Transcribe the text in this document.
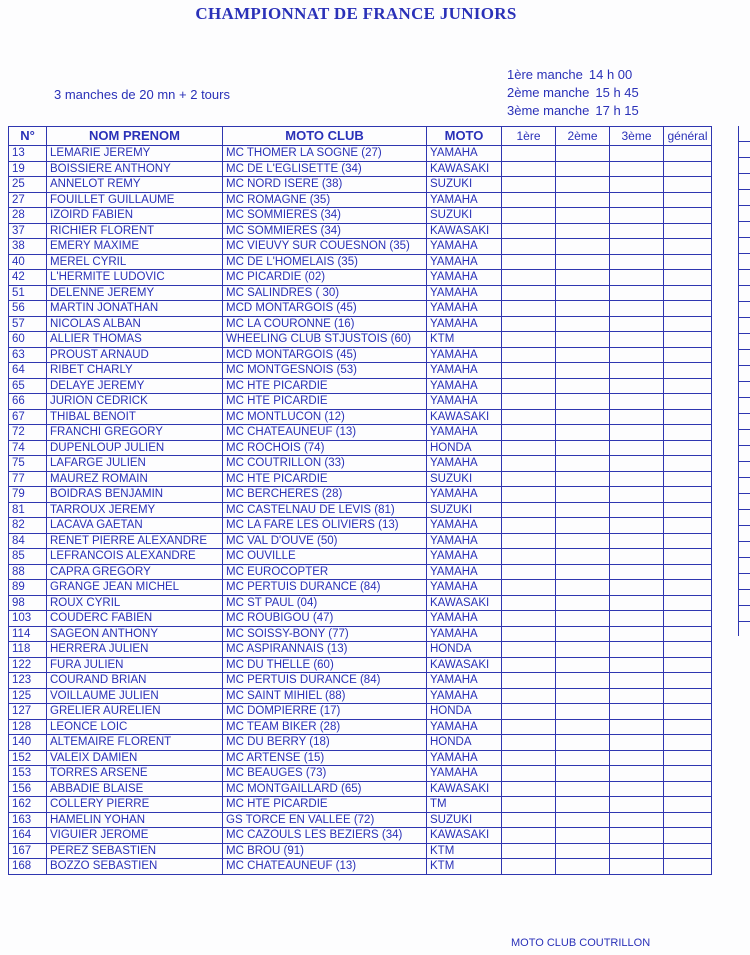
CHAMPIONNAT DE FRANCE JUNIORS
3 manches de 20 mn + 2 tours
1ère manche 14 h 00
2ème manche 15 h 45
3ème manche 17 h 15
N°	NOM PRENOM	MOTO CLUB	MOTO	1ère	2ème	3ème	général
13	LEMARIE JEREMY	MC THOMER LA SOGNE (27)	YAMAHA				
19	BOISSIERE ANTHONY	MC DE L'EGLISETTE (34)	KAWASAKI				
25	ANNELOT REMY	MC NORD ISERE (38)	SUZUKI				
27	FOUILLET GUILLAUME	MC ROMAGNE (35)	YAMAHA				
28	IZOIRD FABIEN	MC SOMMIERES (34)	SUZUKI				
37	RICHIER FLORENT	MC SOMMIERES (34)	KAWASAKI				
38	EMERY MAXIME	MC VIEUVY SUR COUESNON (35)	YAMAHA				
40	MEREL CYRIL	MC DE L'HOMELAIS (35)	YAMAHA				
42	L'HERMITE LUDOVIC	MC PICARDIE (02)	YAMAHA				
51	DELENNE JEREMY	MC SALINDRES ( 30)	YAMAHA				
56	MARTIN JONATHAN	MCD MONTARGOIS (45)	YAMAHA				
57	NICOLAS ALBAN	MC LA COURONNE (16)	YAMAHA				
60	ALLIER THOMAS	WHEELING CLUB STJUSTOIS (60)	KTM				
63	PROUST ARNAUD	MCD MONTARGOIS (45)	YAMAHA				
64	RIBET CHARLY	MC MONTGESNOIS (53)	YAMAHA				
65	DELAYE JEREMY	MC HTE PICARDIE	YAMAHA				
66	JURION CEDRICK	MC HTE PICARDIE	YAMAHA				
67	THIBAL BENOIT	MC MONTLUCON (12)	KAWASAKI				
72	FRANCHI GREGORY	MC CHATEAUNEUF (13)	YAMAHA				
74	DUPENLOUP JULIEN	MC ROCHOIS (74)	HONDA				
75	LAFARGE JULIEN	MC COUTRILLON (33)	YAMAHA				
77	MAUREZ ROMAIN	MC HTE PICARDIE	SUZUKI				
79	BOIDRAS BENJAMIN	MC BERCHERES (28)	YAMAHA				
81	TARROUX JEREMY	MC CASTELNAU DE LEVIS (81)	SUZUKI				
82	LACAVA GAETAN	MC LA FARE LES OLIVIERS (13)	YAMAHA				
84	RENET PIERRE ALEXANDRE	MC VAL D'OUVE (50)	YAMAHA				
85	LEFRANCOIS ALEXANDRE	MC OUVILLE	YAMAHA				
88	CAPRA GREGORY	MC EUROCOPTER	YAMAHA				
89	GRANGE JEAN MICHEL	MC PERTUIS DURANCE (84)	YAMAHA				
98	ROUX CYRIL	MC ST PAUL (04)	KAWASAKI				
103	COUDERC FABIEN	MC ROUBIGOU (47)	YAMAHA				
114	SAGEON ANTHONY	MC SOISSY-BONY (77)	YAMAHA				
118	HERRERA JULIEN	MC ASPIRANNAIS (13)	HONDA				
122	FURA JULIEN	MC DU THELLE (60)	KAWASAKI				
123	COURAND BRIAN	MC PERTUIS DURANCE (84)	YAMAHA				
125	VOILLAUME JULIEN	MC SAINT MIHIEL (88)	YAMAHA				
127	GRELIER AURELIEN	MC DOMPIERRE (17)	HONDA				
128	LEONCE LOIC	MC TEAM BIKER (28)	YAMAHA				
140	ALTEMAIRE FLORENT	MC DU BERRY (18)	HONDA				
152	VALEIX DAMIEN	MC ARTENSE (15)	YAMAHA				
153	TORRES ARSENE	MC BEAUGES (73)	YAMAHA				
156	ABBADIE BLAISE	MC MONTGAILLARD (65)	KAWASAKI				
162	COLLERY PIERRE	MC HTE PICARDIE	TM				
163	HAMELIN YOHAN	GS TORCE EN VALLEE (72)	SUZUKI				
164	VIGUIER JEROME	MC CAZOULS LES BEZIERS (34)	KAWASAKI				
167	PEREZ SEBASTIEN	MC BROU (91)	KTM				
168	BOZZO SEBASTIEN	MC CHATEAUNEUF (13)	KTM				
MOTO CLUB COUTRILLON
